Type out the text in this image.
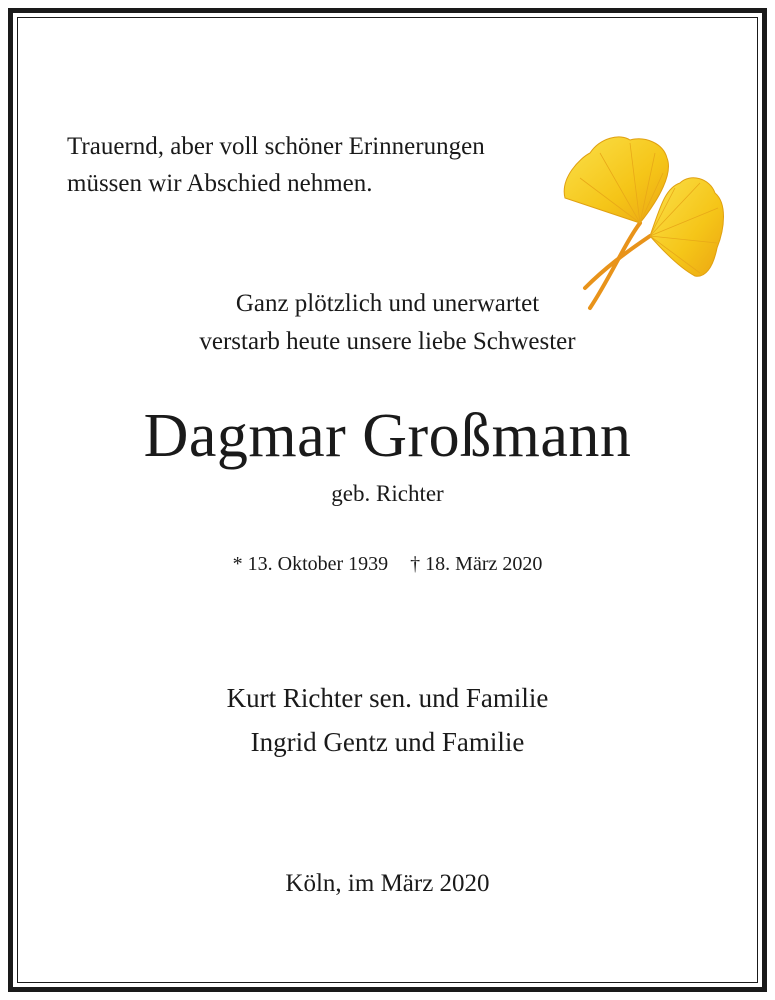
Trauernd, aber voll schöner Erinnerungen
müssen wir Abschied nehmen.
Ganz plötzlich und unerwartet
verstarb heute unsere liebe Schwester
Dagmar Großmann
geb. Richter
* 13. Oktober 1939 † 18. März 2020
Kurt Richter sen. und Familie
Ingrid Gentz und Familie
Köln, im März 2020
